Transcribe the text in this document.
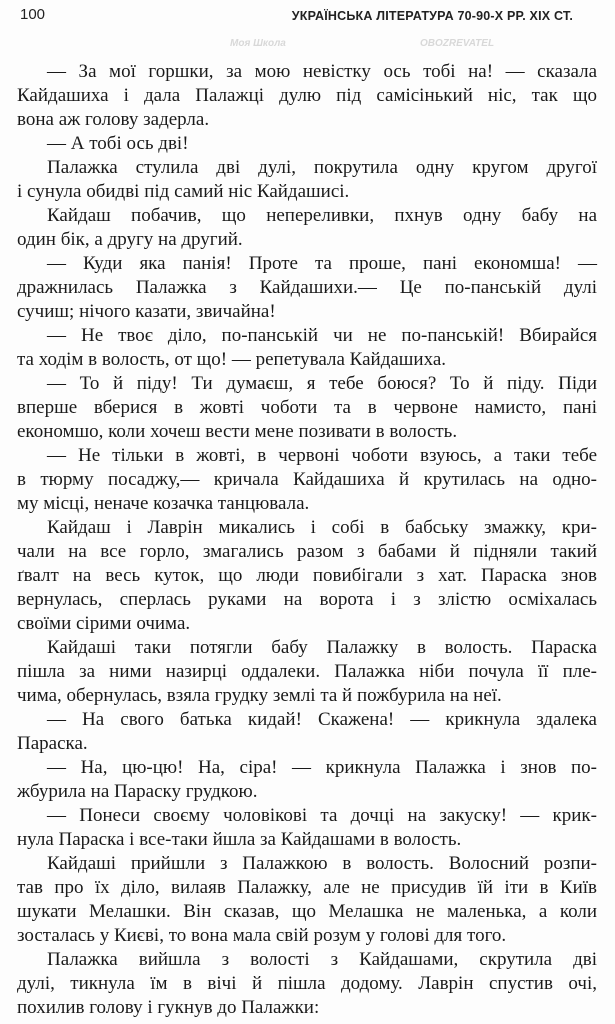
100	УКРАЇНСЬКА ЛІТЕРАТУРА 70-90-Х РР. XIX СТ.
Моя Школа	OBOZREVATEL
— За мої горшки, за мою невістку ось тобі на! — сказала
Кайдашиха і дала Палажці дулю під самісінький ніс, так що
вона аж голову задерла.
— А тобі ось дві!
Палажка стулила дві дулі, покрутила одну кругом другої
і сунула обидві під самий ніс Кайдашисі.
Кайдаш побачив, що непереливки, пхнув одну бабу на
один бік, а другу на другий.
— Куди яка панія! Проте та проше, пані економша! —
дражнилась Палажка з Кайдашихи.— Це по-панській дулі
сучиш; нічого казати, звичайна!
— Не твоє діло, по-панській чи не по-панській! Вбирайся
та ходім в волость, от що! — репетувала Кайдашиха.
— То й піду! Ти думаєш, я тебе боюся? То й піду. Піди
вперше вберися в жовті чоботи та в червоне намисто, пані
економшо, коли хочеш вести мене позивати в волость.
— Не тільки в жовті, в червоні чоботи взуюсь, а таки тебе
в тюрму посаджу,— кричала Кайдашиха й крутилась на одно-
му місці, неначе козачка танцювала.
Кайдаш і Лаврін микались і собі в бабську змажку, кри-
чали на все горло, змагались разом з бабами й підняли такий
ґвалт на весь куток, що люди повибігали з хат. Параска знов
вернулась, сперлась руками на ворота і з злістю осміхалась
своїми сірими очима.
Кайдаші таки потягли бабу Палажку в волость. Параска
пішла за ними назирці оддалеки. Палажка ніби почула її пле-
чима, обернулась, взяла грудку землі та й пожбурила на неї.
— На свого батька кидай! Скажена! — крикнула здалека
Параска.
— На, цю-цю! На, сіра! — крикнула Палажка і знов по-
жбурила на Параску грудкою.
— Понеси своєму чоловікові та дочці на закуску! — крик-
нула Параска і все-таки йшла за Кайдашами в волость.
Кайдаші прийшли з Палажкою в волость. Волосний розпи-
тав про їх діло, вилаяв Палажку, але не присудив їй іти в Київ
шукати Мелашки. Він сказав, що Мелашка не маленька, а коли
зосталась у Києві, то вона мала свій розум у голові для того.
Палажка вийшла з волості з Кайдашами, скрутила дві
дулі, тикнула їм в вічі й пішла додому. Лаврін спустив очі,
похилив голову і гукнув до Палажки:
